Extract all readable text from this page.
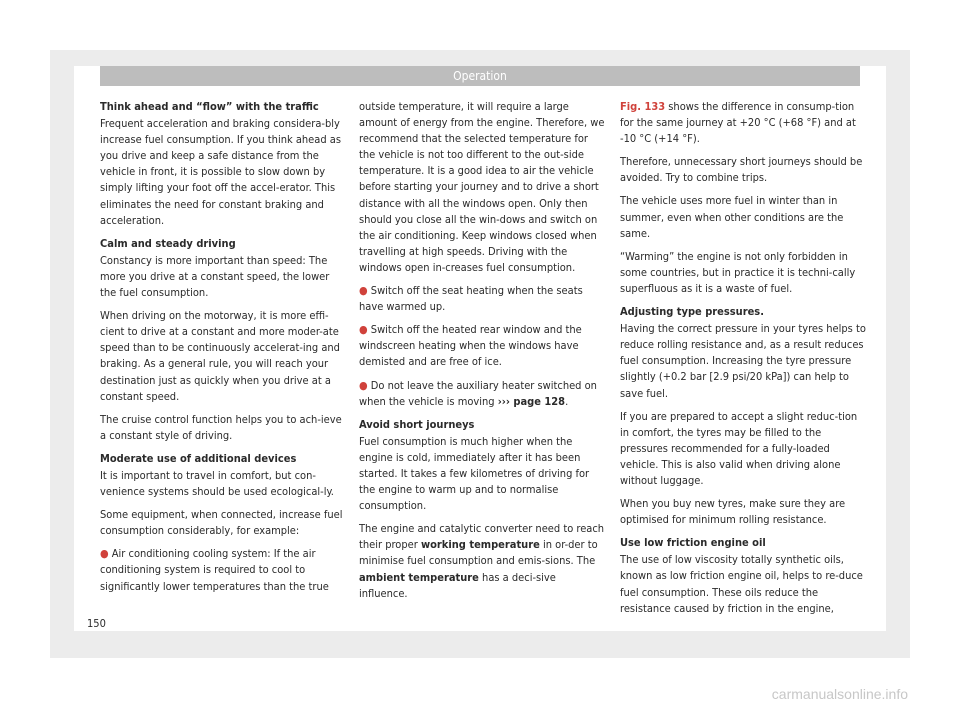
Operation

Think ahead and “flow” with the traffic

Frequent acceleration and braking considera-bly increase fuel consumption. If you think ahead as you drive and keep a safe distance from the vehicle in front, it is possible to slow down by simply lifting your foot off the accel-erator. This eliminates the need for constant braking and acceleration.

Calm and steady driving

Constancy is more important than speed: The more you drive at a constant speed, the lower the fuel consumption.

When driving on the motorway, it is more effi-cient to drive at a constant and more moder-ate speed than to be continuously accelerat-ing and braking. As a general rule, you will reach your destination just as quickly when you drive at a constant speed.

The cruise control function helps you to ach-ieve a constant style of driving.

Moderate use of additional devices

It is important to travel in comfort, but con-venience systems should be used ecological-ly.

Some equipment, when connected, increase fuel consumption considerably, for example:

● Air conditioning cooling system: If the air conditioning system is required to cool to significantly lower temperatures than the true

outside temperature, it will require a large amount of energy from the engine. Therefore, we recommend that the selected temperature for the vehicle is not too different to the out-side temperature. It is a good idea to air the vehicle before starting your journey and to drive a short distance with all the windows open. Only then should you close all the win-dows and switch on the air conditioning. Keep windows closed when travelling at high speeds. Driving with the windows open in-creases fuel consumption.

● Switch off the seat heating when the seats have warmed up.

● Switch off the heated rear window and the windscreen heating when the windows have demisted and are free of ice.

● Do not leave the auxiliary heater switched on when the vehicle is moving ››› page 128.

Avoid short journeys

Fuel consumption is much higher when the engine is cold, immediately after it has been started. It takes a few kilometres of driving for the engine to warm up and to normalise consumption.

The engine and catalytic converter need to reach their proper working temperature in or-der to minimise fuel consumption and emis-sions. The ambient temperature has a deci-sive influence.

Fig. 133 shows the difference in consump-tion for the same journey at +20 °C (+68 °F) and at -10 °C (+14 °F).

Therefore, unnecessary short journeys should be avoided. Try to combine trips.

The vehicle uses more fuel in winter than in summer, even when other conditions are the same.

“Warming” the engine is not only forbidden in some countries, but in practice it is techni-cally superfluous as it is a waste of fuel.

Adjusting type pressures.

Having the correct pressure in your tyres helps to reduce rolling resistance and, as a result reduces fuel consumption. Increasing the tyre pressure slightly (+0.2 bar [2.9 psi/20 kPa]) can help to save fuel.

If you are prepared to accept a slight reduc-tion in comfort, the tyres may be filled to the pressures recommended for a fully-loaded vehicle. This is also valid when driving alone without luggage.

When you buy new tyres, make sure they are optimised for minimum rolling resistance.

Use low friction engine oil

The use of low viscosity totally synthetic oils, known as low friction engine oil, helps to re-duce fuel consumption. These oils reduce the resistance caused by friction in the engine,

150
carmanualsonline.info
